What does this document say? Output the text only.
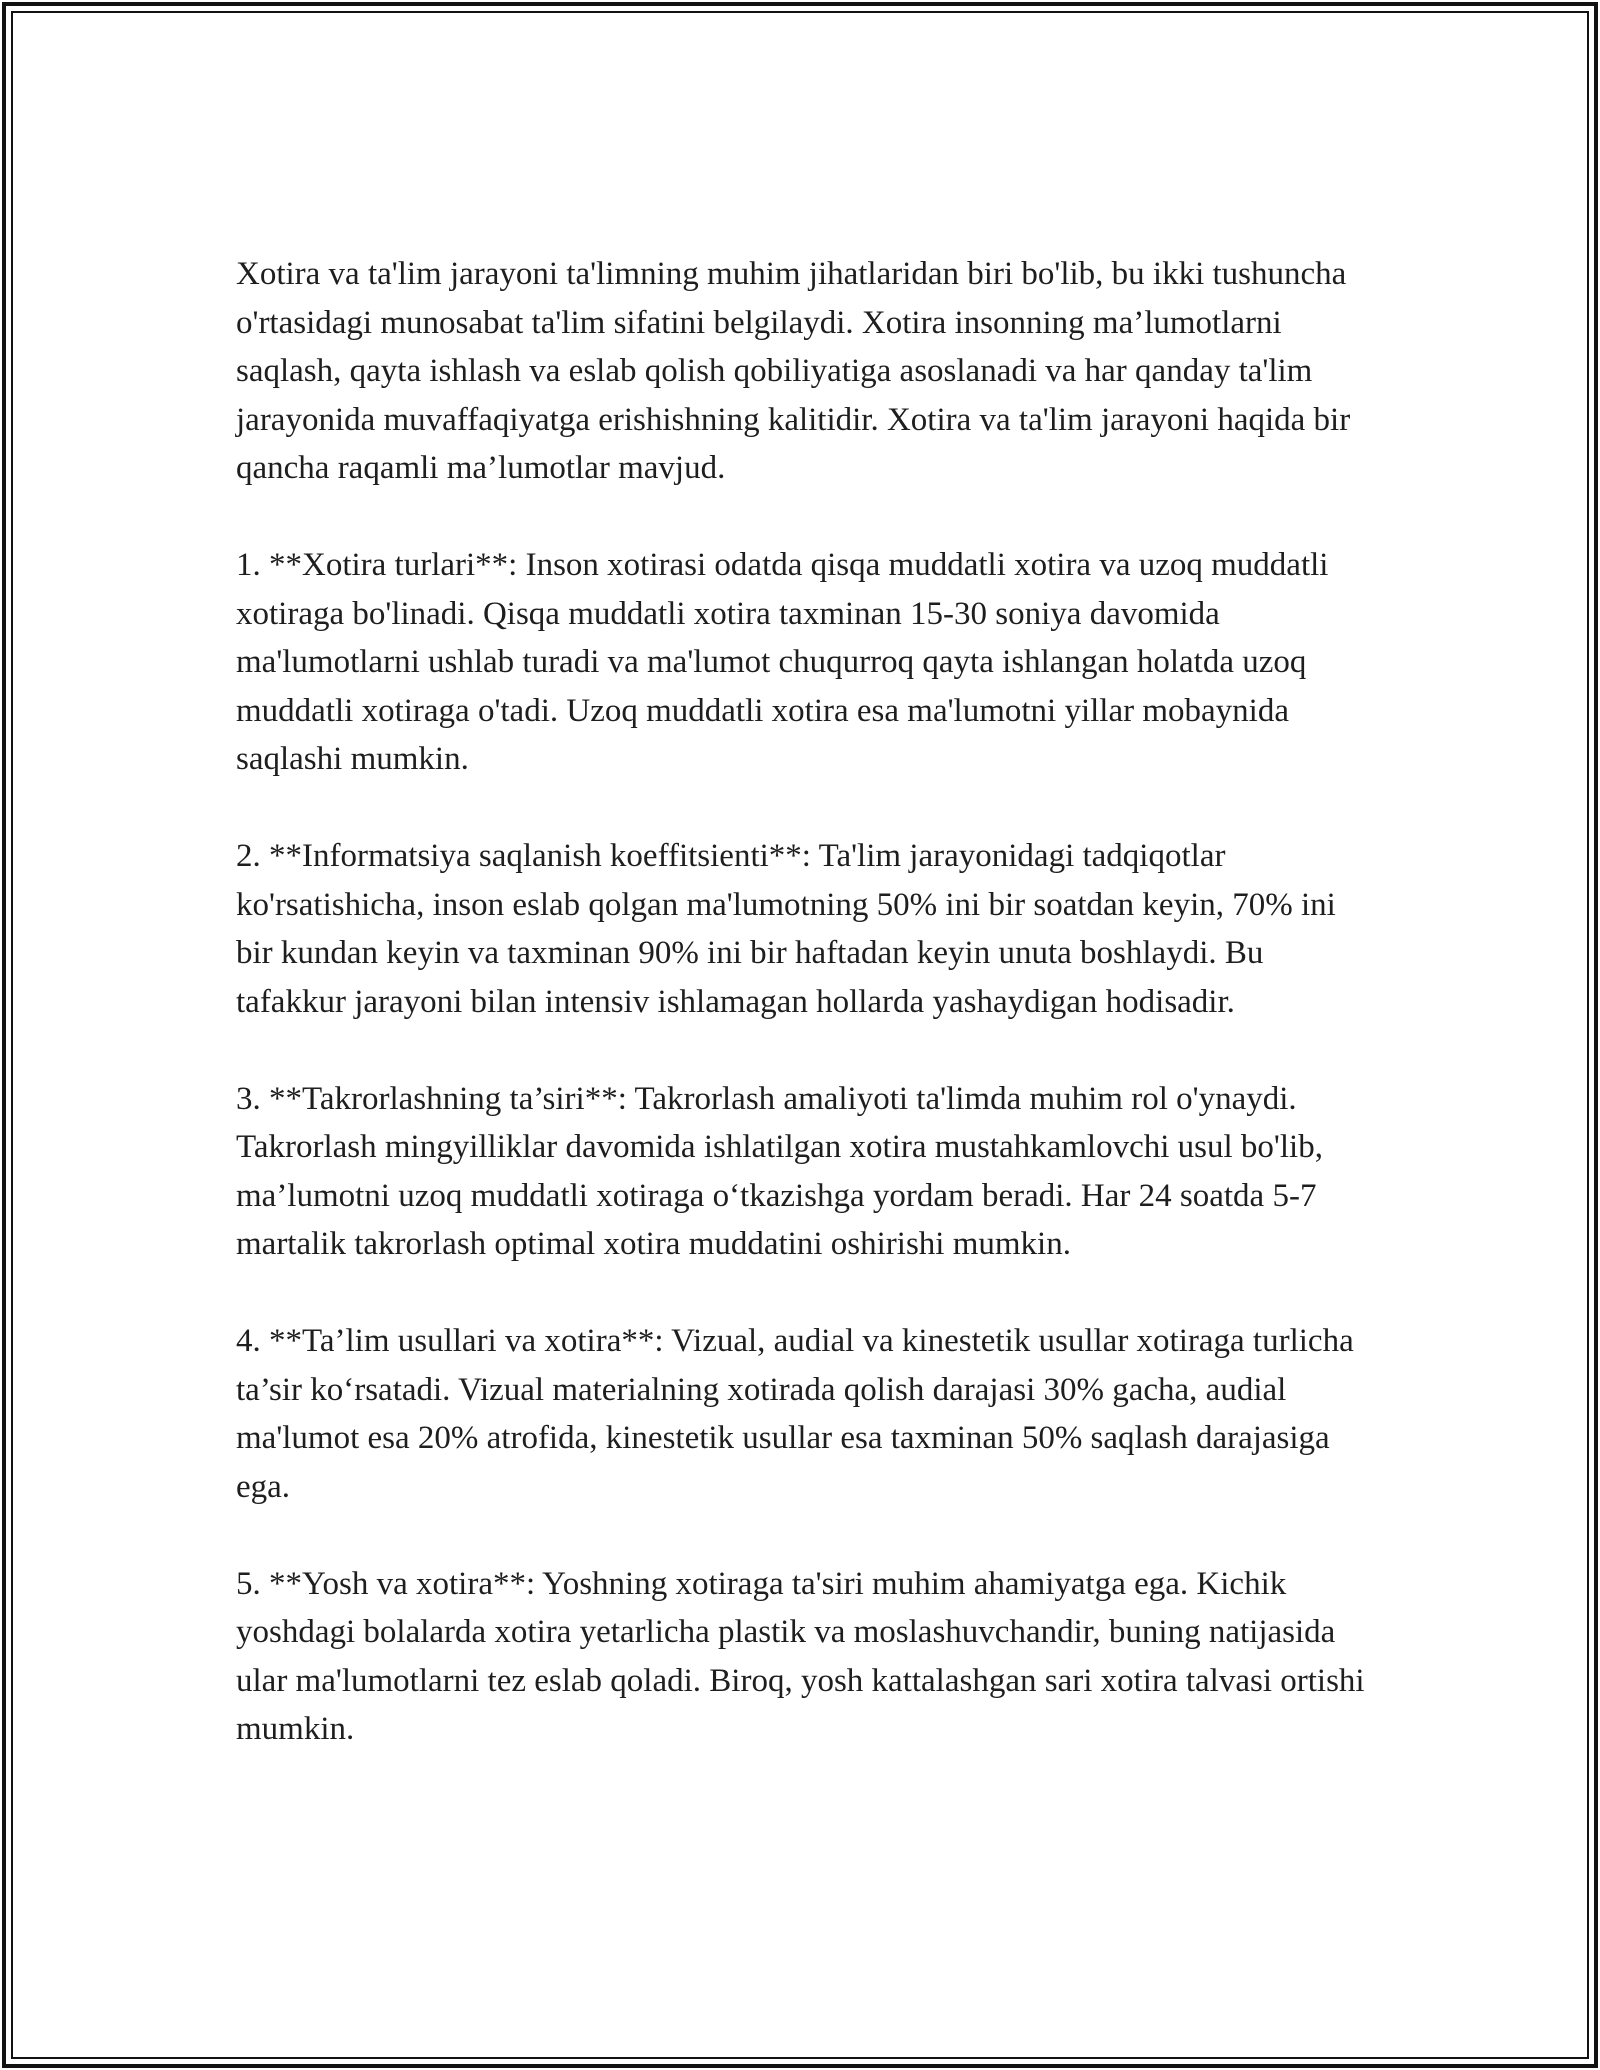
Xotira va ta'lim jarayoni ta'limning muhim jihatlaridan biri bo'lib, bu ikki tushuncha o'rtasidagi munosabat ta'lim sifatini belgilaydi. Xotira insonning ma’lumotlarni saqlash, qayta ishlash va eslab qolish qobiliyatiga asoslanadi va har qanday ta'lim jarayonida muvaffaqiyatga erishishning kalitidir. Xotira va ta'lim jarayoni haqida bir qancha raqamli ma’lumotlar mavjud.

1. **Xotira turlari**: Inson xotirasi odatda qisqa muddatli xotira va uzoq muddatli xotiraga bo'linadi. Qisqa muddatli xotira taxminan 15-30 soniya davomida ma'lumotlarni ushlab turadi va ma'lumot chuqurroq qayta ishlangan holatda uzoq muddatli xotiraga o'tadi. Uzoq muddatli xotira esa ma'lumotni yillar mobaynida saqlashi mumkin.

2. **Informatsiya saqlanish koeffitsienti**: Ta'lim jarayonidagi tadqiqotlar ko'rsatishicha, inson eslab qolgan ma'lumotning 50% ini bir soatdan keyin, 70% ini bir kundan keyin va taxminan 90% ini bir haftadan keyin unuta boshlaydi. Bu tafakkur jarayoni bilan intensiv ishlamagan hollarda yashaydigan hodisadir.

3. **Takrorlashning ta’siri**: Takrorlash amaliyoti ta'limda muhim rol o'ynaydi. Takrorlash mingyilliklar davomida ishlatilgan xotira mustahkamlovchi usul bo'lib, ma’lumotni uzoq muddatli xotiraga o‘tkazishga yordam beradi. Har 24 soatda 5-7 martalik takrorlash optimal xotira muddatini oshirishi mumkin.

4. **Ta’lim usullari va xotira**: Vizual, audial va kinestetik usullar xotiraga turlicha ta’sir ko‘rsatadi. Vizual materialning xotirada qolish darajasi 30% gacha, audial ma'lumot esa 20% atrofida, kinestetik usullar esa taxminan 50% saqlash darajasiga ega.

5. **Yosh va xotira**: Yoshning xotiraga ta'siri muhim ahamiyatga ega. Kichik yoshdagi bolalarda xotira yetarlicha plastik va moslashuvchandir, buning natijasida ular ma'lumotlarni tez eslab qoladi. Biroq, yosh kattalashgan sari xotira talvasi ortishi mumkin.
